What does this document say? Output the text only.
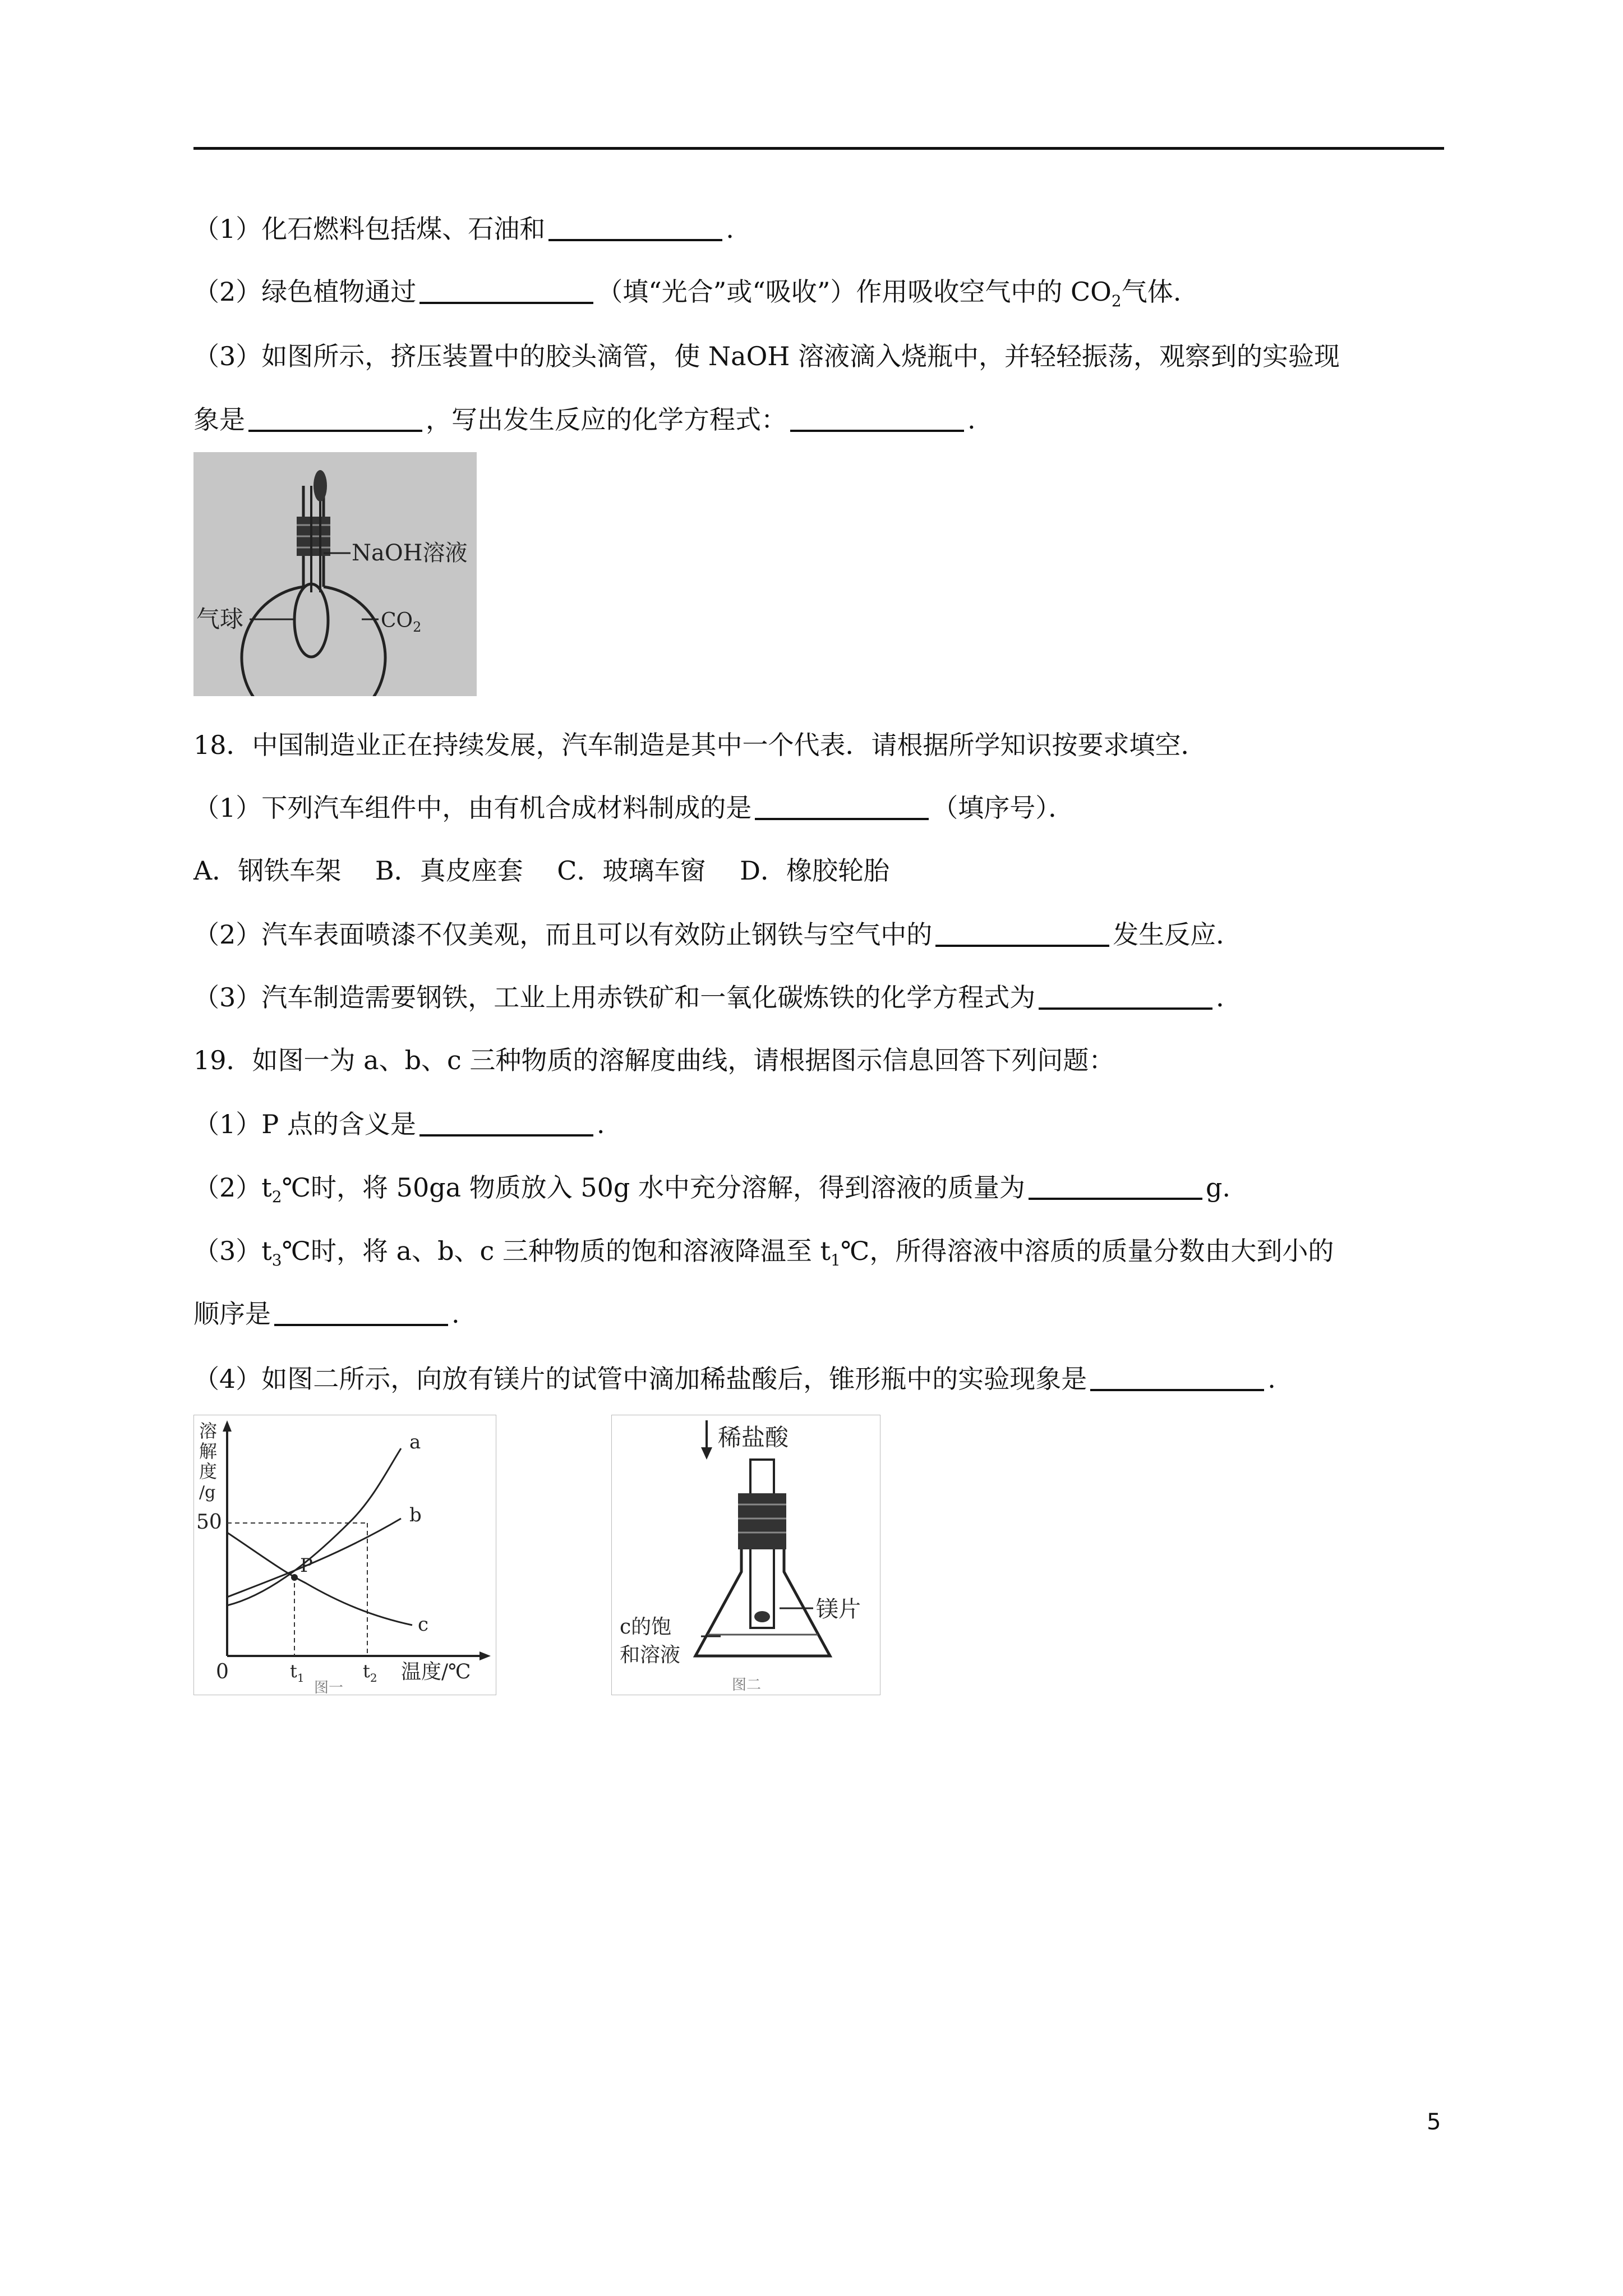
（1）化石燃料包括煤、石油和	.
（2）绿色植物通过	（填“光合”或“吸收”）作用吸收空气中的 $CO_2$气体.
（3）如图所示，挤压装置中的胶头滴管，使 NaOH 溶液滴入烧瓶中，并轻轻振荡，观察到的实验现
象是	，写出发生反应的化学方程式：	.
NaOH溶液
气球	$CO_2$
18．中国制造业正在持续发展，汽车制造是其中一个代表．请根据所学知识按要求填空．
（1）下列汽车组件中，由有机合成材料制成的是	（填序号）．
A．钢铁车架　 B．真皮座套　 C．玻璃车窗　 D．橡胶轮胎
（2）汽车表面喷漆不仅美观，而且可以有效防止钢铁与空气中的	发生反应．
（3）汽车制造需要钢铁，工业上用赤铁矿和一氧化碳炼铁的化学方程式为	．
19．如图一为 a、b、c 三种物质的溶解度曲线，请根据图示信息回答下列问题：
（1）P 点的含义是	.
$(2)t_2℃$时，将 50ga 物质放入 50g 水中充分溶解，得到溶液的质量为	g.
$(3)t_3℃$时，将 a、b、c 三种物质的饱和溶液降温至 $t_1℃$，所得溶液中溶质的质量分数由大到小的
顺序是	.
（4）如图二所示，向放有镁片的试管中滴加稀盐酸后，锥形瓶中的实验现象是	.
溶
解
度
/g
50
a
b
c
P
0	$t_1$	$t_2$ 温度/℃
图一
稀盐酸
镁片
c的饱
和溶液
图二
5
